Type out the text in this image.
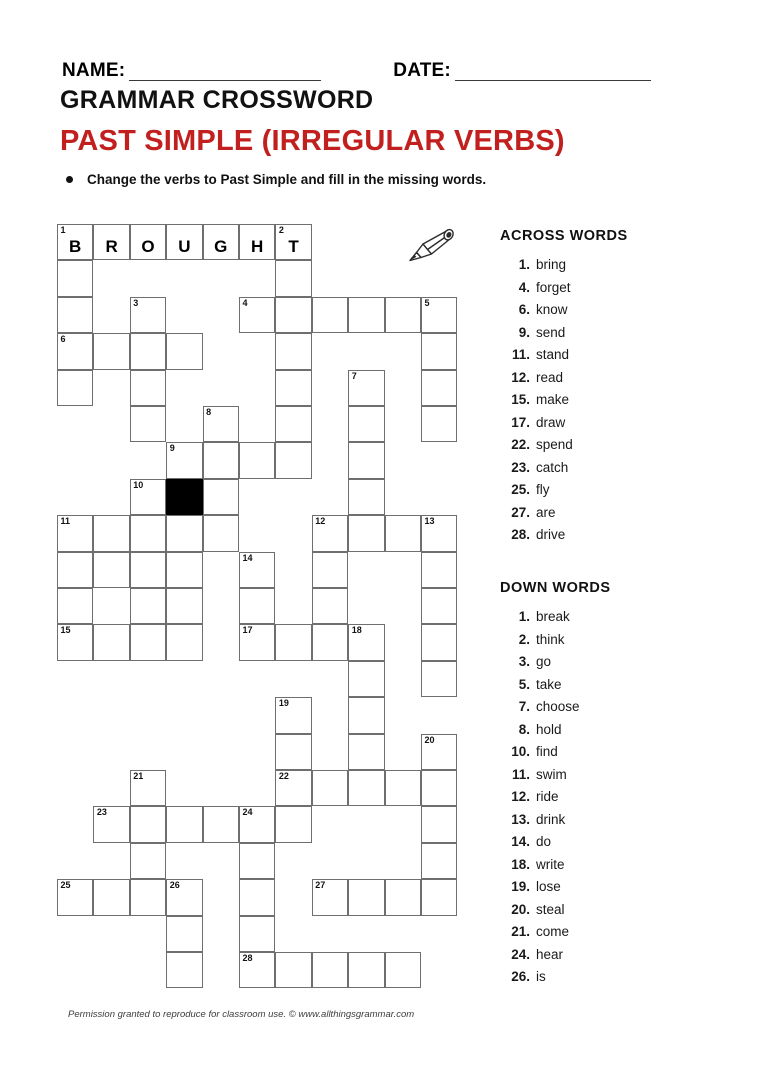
NAME:	DATE:
GRAMMAR CROSSWORD
PAST SIMPLE (IRREGULAR VERBS)
Change the verbs to Past Simple and fill in the missing words.
1
B	R	O	U	G	H
2
T
3	4	5
6
7
8
9
10
11	12	13
14
15	17	18
19
20
21	22
23	24
25	26	27
28
ACROSS WORDS
1. bring
4. forget
6. know
9. send
11. stand
12. read
15. make
17. draw
22. spend
23. catch
25. fly
27. are
28. drive
DOWN WORDS
1. break
2. think
3. go
5. take
7. choose
8. hold
10. find
11. swim
12. ride
13. drink
14. do
18. write
19. lose
20. steal
21. come
24. hear
26. is
Permission granted to reproduce for classroom use. © www.allthingsgrammar.com
